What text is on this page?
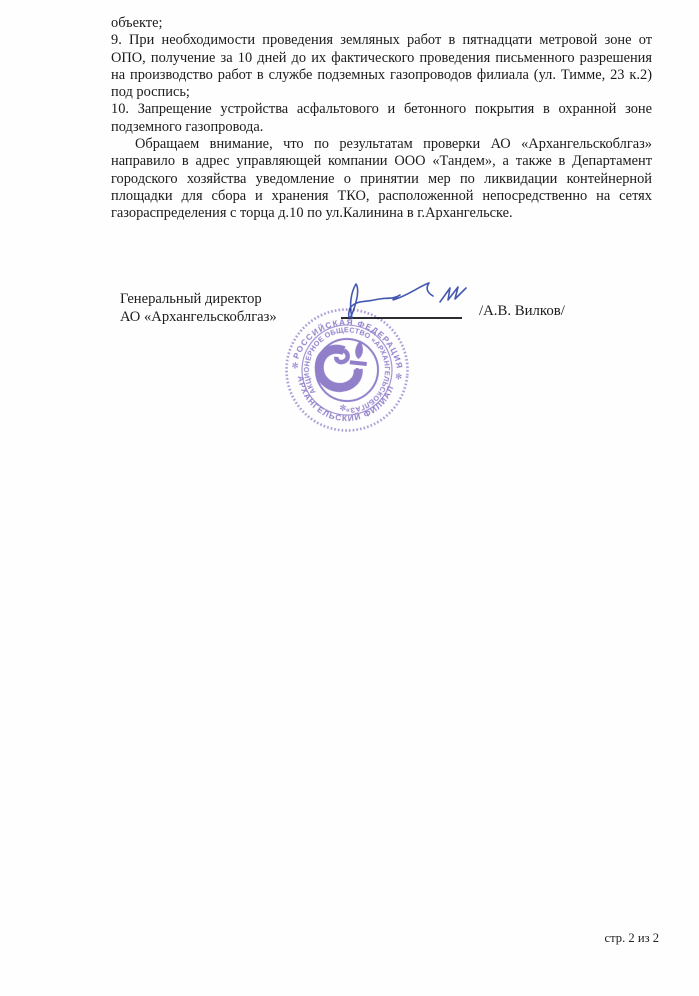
объекте;
9. При необходимости проведения земляных работ в пятнадцати метровой зоне от
ОПО, получение за 10 дней до их фактического проведения письменного разрешения
на производство работ в службе подземных газопроводов филиала (ул. Тимме, 23 к.2)
под роспись;
10. Запрещение устройства асфальтового и бетонного покрытия в охранной зоне
подземного газопровода.
Обращаем внимание, что по результатам проверки АО «Архангельскоблгаз»
направило в адрес управляющей компании ООО «Тандем», а также в Департамент
городского хозяйства уведомление о принятии мер по ликвидации контейнерной
площадки для сбора и хранения ТКО, расположенной непосредственно на сетях
газораспределения с торца д.10 по ул.Калинина в г.Архангельске.
Генеральный директор
АО «Архангельскоблгаз»	/А.В. Вилков/
РОССИЙСКАЯ ФЕДЕРАЦИЯ
АРХАНГЕЛЬСКИЙ ФИЛИАЛ
АКЦИОНЕРНОЕ ОБЩЕСТВО «АРХАНГЕЛЬСКОБЛГАЗ»
✻
✻
✻
стр. 2 из 2
